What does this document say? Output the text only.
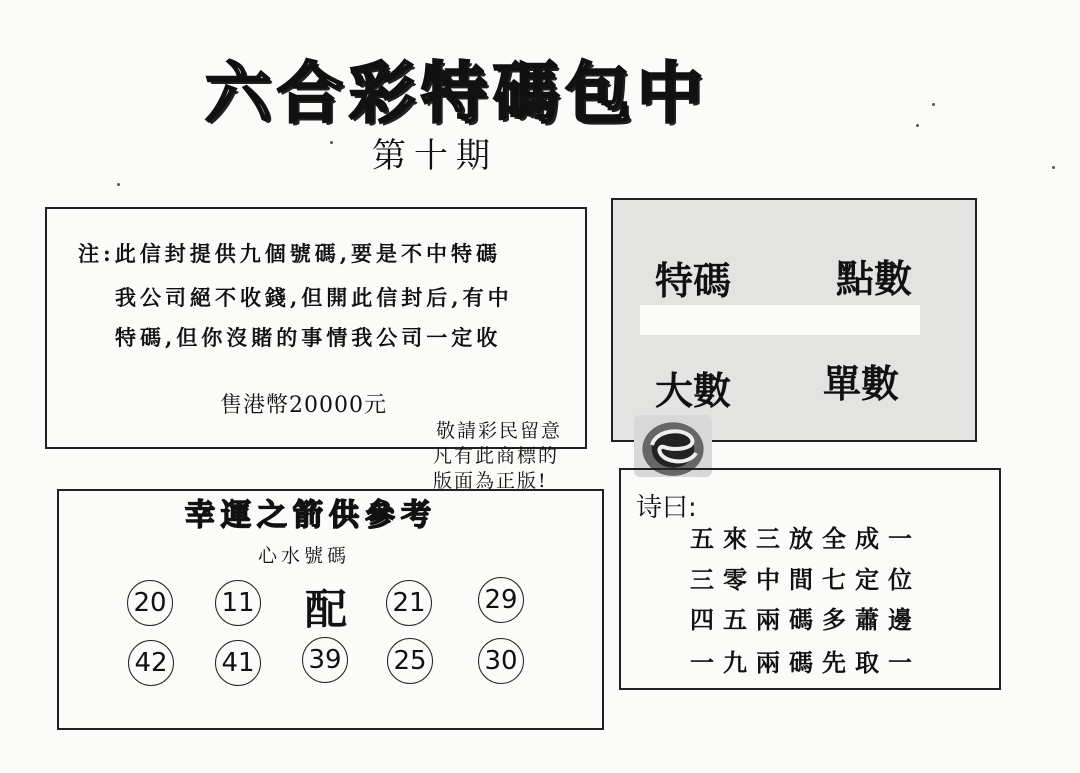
六合彩特碼包中
第十期
注:此信封提供九個號碼,要是不中特碼
我公司絕不收錢,但開此信封后,有中
特碼,但你沒賭的事情我公司一定收
售港幣20000元
特碼	點數
大數 單數
敬請彩民留意
凡有此商標的
版面為正版!
幸運之箭供參考
心水號碼
20 11 配 21 29
42 41 39 25 30
诗曰:
五來三放全成一
三零中間七定位
四五兩碼多蕭邊
一九兩碼先取一
